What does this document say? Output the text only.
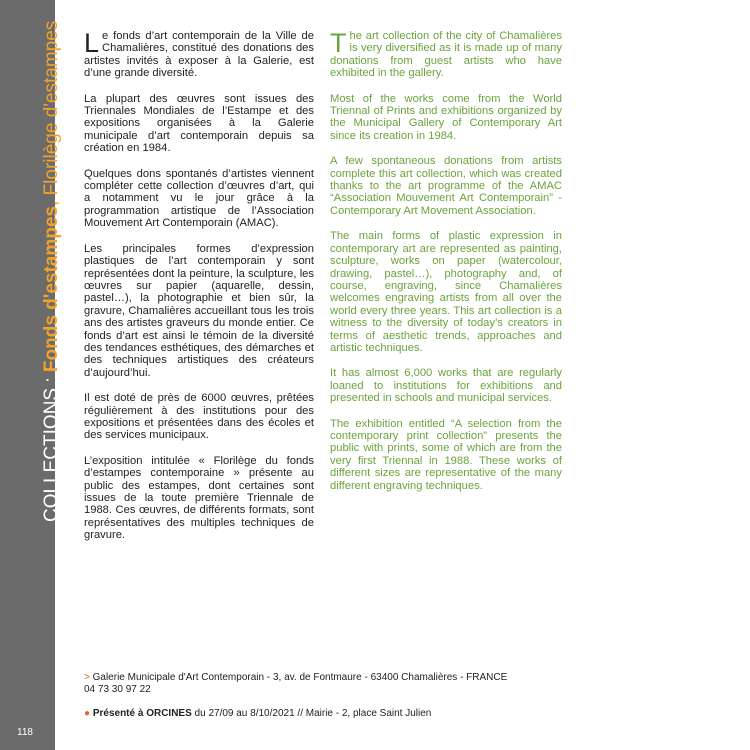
COLLECTIONS : Fonds d'estampes, Florilège d'estampes
118

Le fonds d’art contemporain de la Ville de Chamalières, constitué des donations des artistes invités à exposer à la Galerie, est d’une grande diversité.

La plupart des œuvres sont issues des Triennales Mondiales de l’Estampe et des expositions organisées à la Galerie municipale d’art contemporain depuis sa création en 1984.

Quelques dons spontanés d’artistes viennent compléter cette collection d’œuvres d’art, qui a notamment vu le jour grâce à la programmation artistique de l’Association Mouvement Art Contemporain (AMAC).

Les principales formes d’expression plastiques de l’art contemporain y sont représentées dont la peinture, la sculpture, les œuvres sur papier (aquarelle, dessin, pastel…), la photographie et bien sûr, la gravure, Chamalières accueillant tous les trois ans des artistes graveurs du monde entier. Ce fonds d’art est ainsi le témoin de la diversité des tendances esthétiques, des démarches et des techniques artistiques des créateurs d’aujourd’hui.

Il est doté de près de 6000 œuvres, prêtées régulièrement à des institutions pour des expositions et présentées dans des écoles et des services municipaux.

L’exposition intitulée « Florilège du fonds d’estampes contemporaine » présente au public des estampes, dont certaines sont issues de la toute première Triennale de 1988. Ces œuvres, de différents formats, sont représentatives des multiples techniques de gravure.

The art collection of the city of Chamalières is very diversified as it is made up of many donations from guest artists who have exhibited in the gallery.

Most of the works come from the World Triennal of Prints and exhibitions organized by the Municipal Gallery of Contemporary Art since its creation in 1984.

A few spontaneous donations from artists complete this art collection, which was created thanks to the art programme of the AMAC “Association Mouvement Art Contemporain” - Contemporary Art Movement Association.

The main forms of plastic expression in contemporary art are represented as painting, sculpture, works on paper (watercolour, drawing, pastel…), photography and, of course, engraving, since Chamalières welcomes engraving artists from all over the world every three years. This art collection is a witness to the diversity of today’s creators in terms of aesthetic trends, approaches and artistic techniques.

It has almost 6,000 works that are regularly loaned to institutions for exhibitions and presented in schools and municipal services.

The exhibition entitled “A selection from the contemporary print collection” presents the public with prints, some of which are from the very first Triennal in 1988. These works of different sizes are representative of the many different engraving techniques.

> Galerie Municipale d'Art Contemporain - 3, av. de Fontmaure - 63400 Chamalières - FRANCE
04 73 30 97 22
● Présenté à ORCINES du 27/09 au 8/10/2021 // Mairie - 2, place Saint Julien
